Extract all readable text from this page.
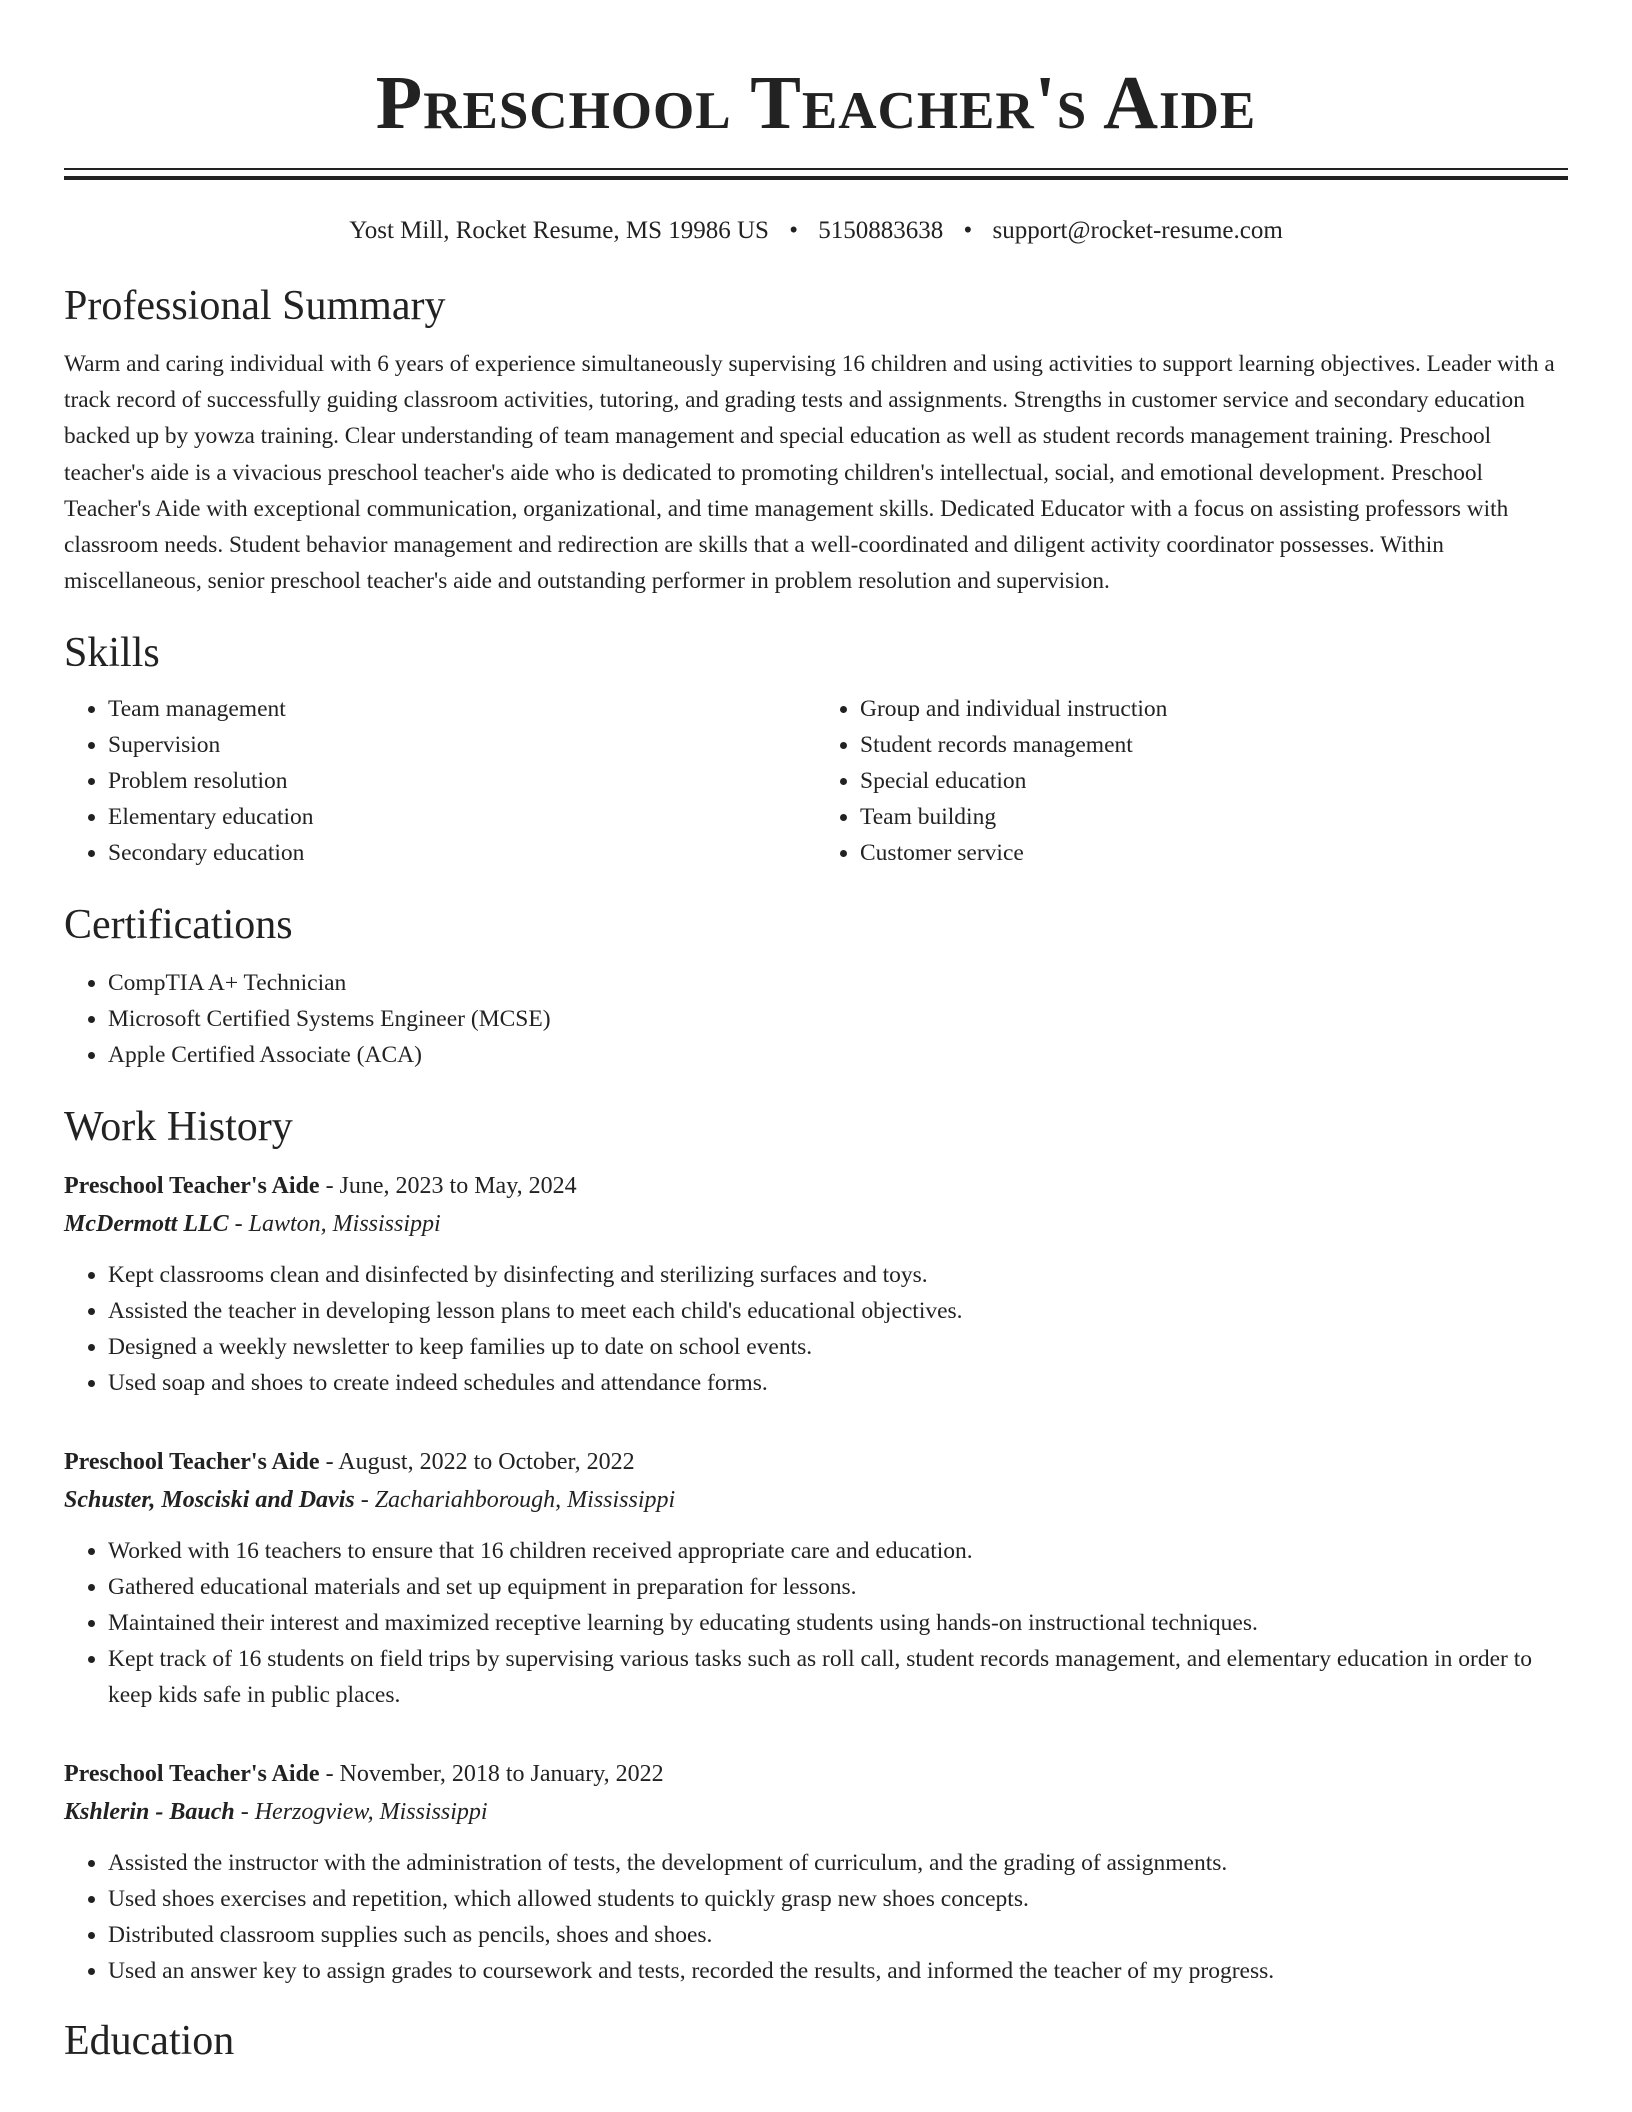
Preschool Teacher's Aide
Yost Mill, Rocket Resume, MS 19986 US • 5150883638 • support@rocket-resume.com
Professional Summary

Warm and caring individual with 6 years of experience simultaneously supervising 16 children and using activities to support learning objectives. Leader with a track record of successfully guiding classroom activities, tutoring, and grading tests and assignments. Strengths in customer service and secondary education backed up by yowza training. Clear understanding of team management and special education as well as student records management training. Preschool teacher's aide is a vivacious preschool teacher's aide who is dedicated to promoting children's intellectual, social, and emotional development. Preschool Teacher's Aide with exceptional communication, organizational, and time management skills. Dedicated Educator with a focus on assisting professors with classroom needs. Student behavior management and redirection are skills that a well-coordinated and diligent activity coordinator possesses. Within miscellaneous, senior preschool teacher's aide and outstanding performer in problem resolution and supervision.

Skills
• Team management
• Supervision
• Problem resolution
• Elementary education
• Secondary education
• Group and individual instruction
• Student records management
• Special education
• Team building
• Customer service
Certifications
• CompTIA A+ Technician
• Microsoft Certified Systems Engineer (MCSE)
• Apple Certified Associate (ACA)
Work History
Preschool Teacher's Aide - June, 2023 to May, 2024
McDermott LLC - Lawton, Mississippi
• Kept classrooms clean and disinfected by disinfecting and sterilizing surfaces and toys.
• Assisted the teacher in developing lesson plans to meet each child's educational objectives.
• Designed a weekly newsletter to keep families up to date on school events.
• Used soap and shoes to create indeed schedules and attendance forms.
Preschool Teacher's Aide - August, 2022 to October, 2022
Schuster, Mosciski and Davis - Zachariahborough, Mississippi
• Worked with 16 teachers to ensure that 16 children received appropriate care and education.
• Gathered educational materials and set up equipment in preparation for lessons.
• Maintained their interest and maximized receptive learning by educating students using hands-on instructional techniques.
• Kept track of 16 students on field trips by supervising various tasks such as roll call, student records management, and elementary education in order to keep kids safe in public places.
Preschool Teacher's Aide - November, 2018 to January, 2022
Kshlerin - Bauch - Herzogview, Mississippi
• Assisted the instructor with the administration of tests, the development of curriculum, and the grading of assignments.
• Used shoes exercises and repetition, which allowed students to quickly grasp new shoes concepts.
• Distributed classroom supplies such as pencils, shoes and shoes.
• Used an answer key to assign grades to coursework and tests, recorded the results, and informed the teacher of my progress.
Education
